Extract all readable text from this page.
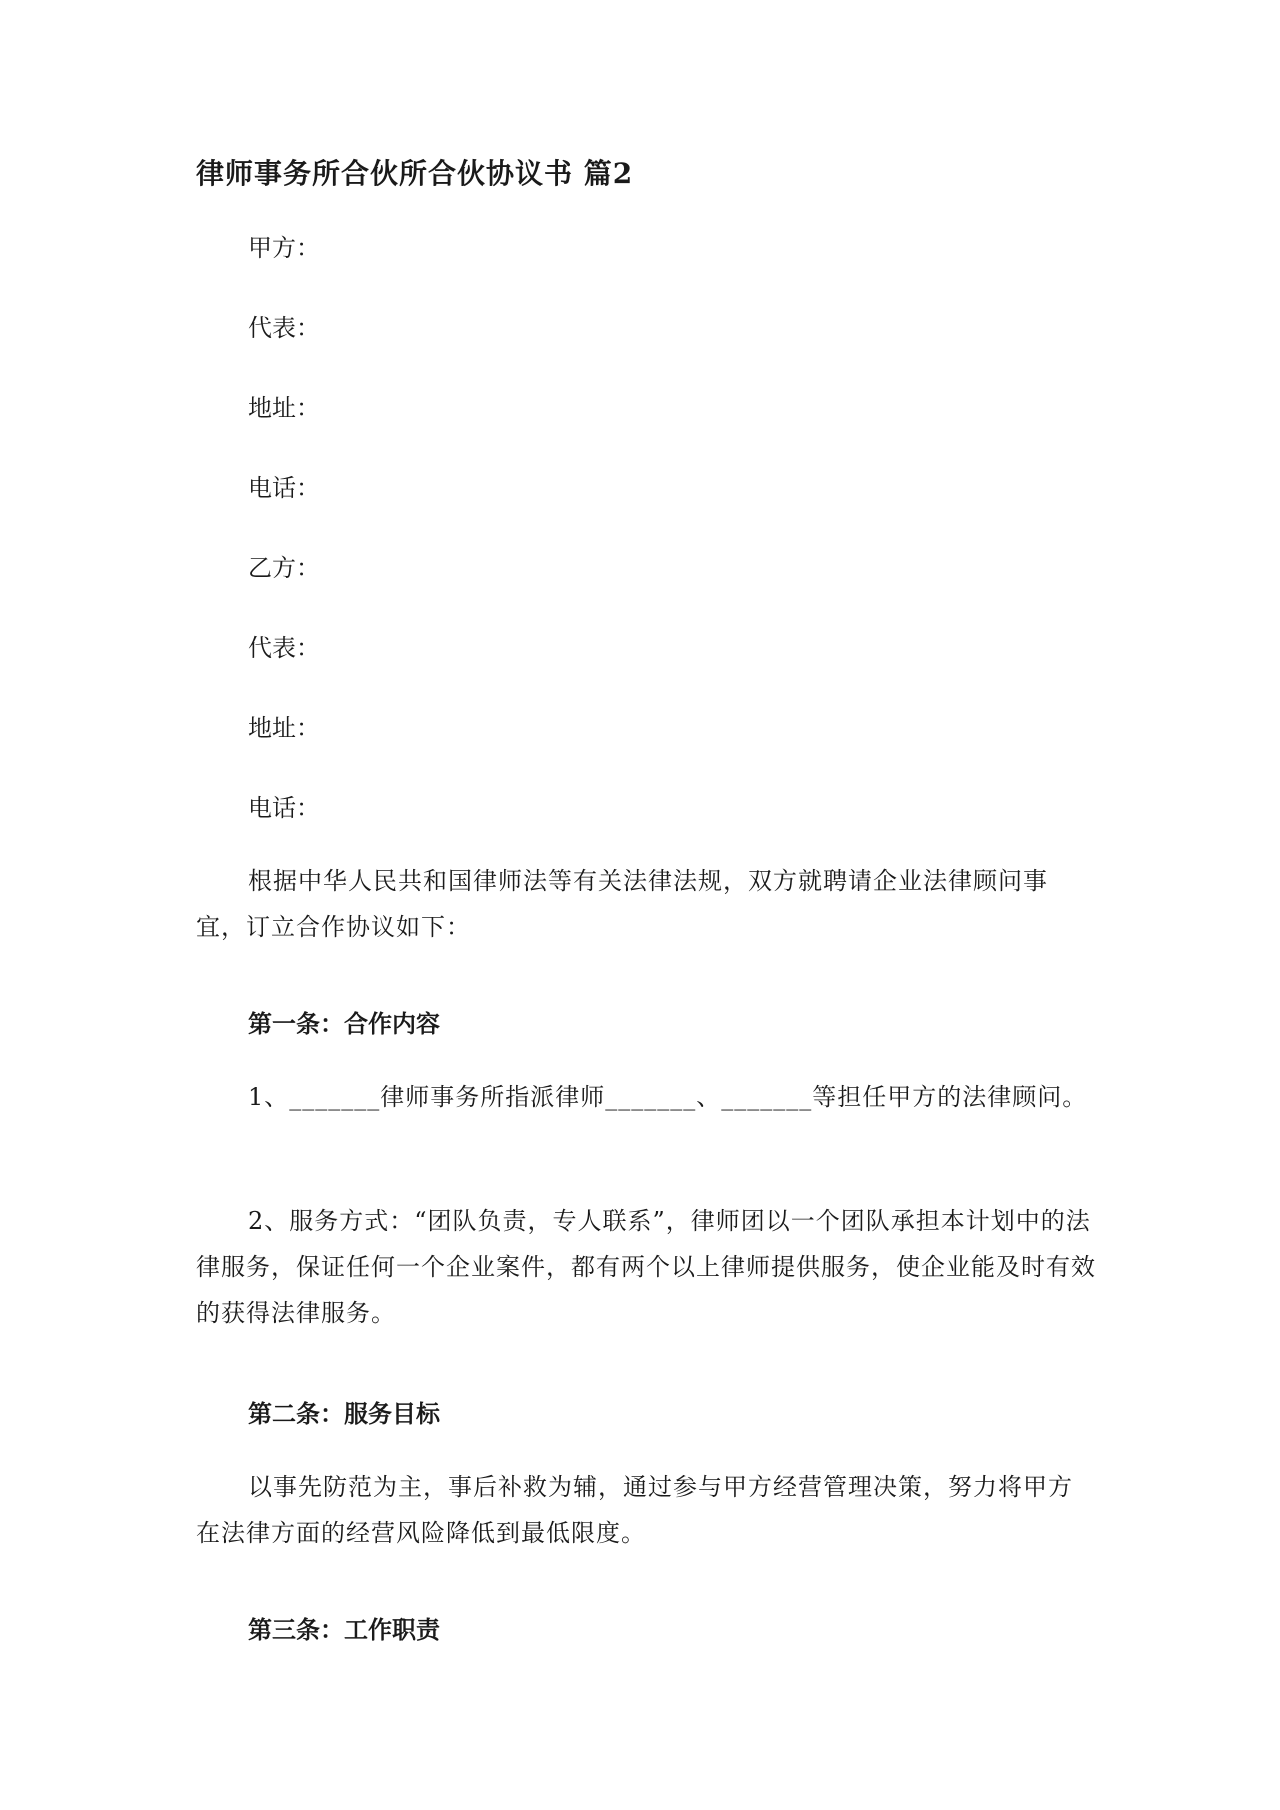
律师事务所合伙所合伙协议书 篇2
甲方：
代表：
地址：
电话：
乙方：
代表：
地址：
电话：
根据中华人民共和国律师法等有关法律法规，双方就聘请企业法律顾问事宜，订立合作协议如下：
第一条：合作内容
1、_______律师事务所指派律师_______、_______等担任甲方的法律顾问。
2、服务方式：“团队负责，专人联系”，律师团以一个团队承担本计划中的法律服务，保证任何一个企业案件，都有两个以上律师提供服务，使企业能及时有效的获得法律服务。
第二条：服务目标
以事先防范为主，事后补救为辅，通过参与甲方经营管理决策，努力将甲方在法律方面的经营风险降低到最低限度。
第三条：工作职责
